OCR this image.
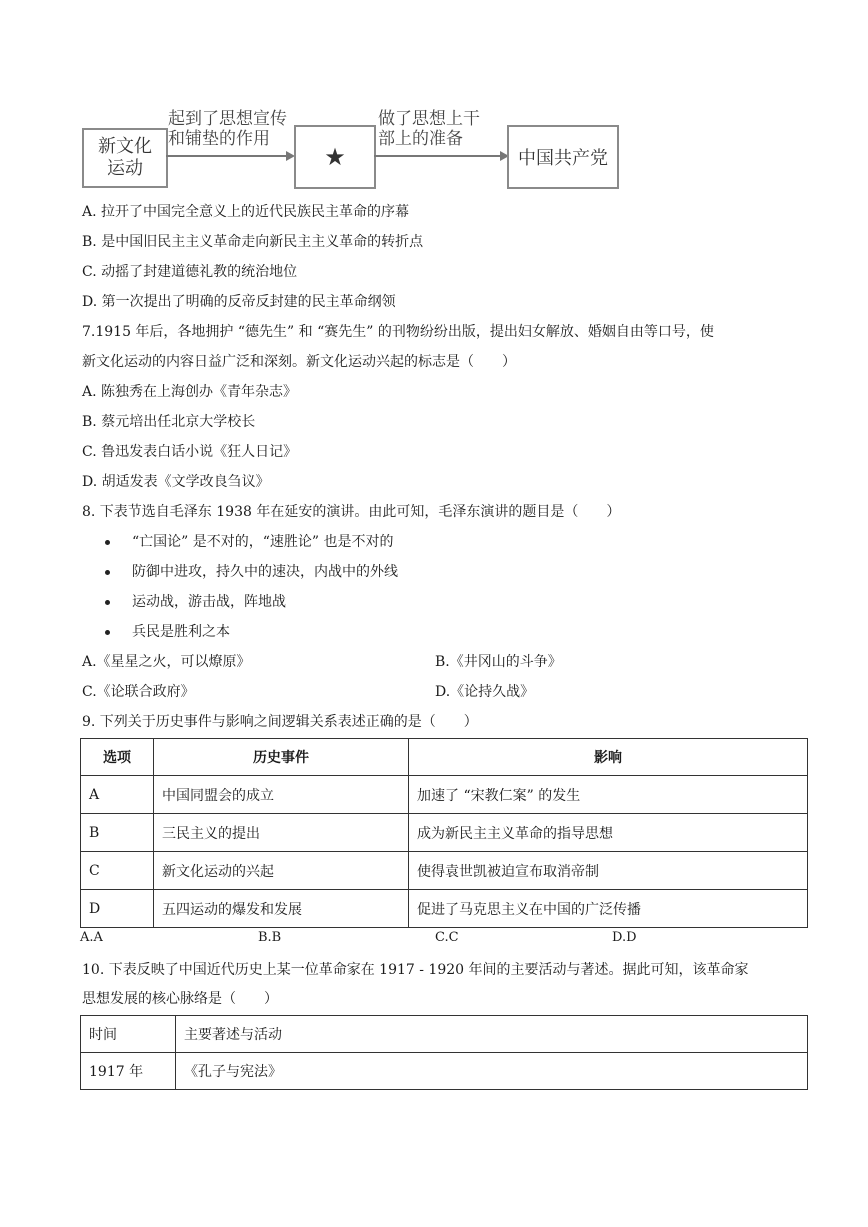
新文化
运动
起到了思想宣传
和铺垫的作用
★
做了思想上干
部上的准备
中国共产党
A. 拉开了中国完全意义上的近代民族民主革命的序幕
B. 是中国旧民主主义革命走向新民主主义革命的转折点
C. 动摇了封建道德礼教的统治地位
D. 第一次提出了明确的反帝反封建的民主革命纲领
7.1915 年后，各地拥护 “德先生” 和 “赛先生” 的刊物纷纷出版，提出妇女解放、婚姻自由等口号，使
新文化运动的内容日益广泛和深刻。新文化运动兴起的标志是（　　）
A. 陈独秀在上海创办《青年杂志》
B. 蔡元培出任北京大学校长
C. 鲁迅发表白话小说《狂人日记》
D. 胡适发表《文学改良刍议》
8. 下表节选自毛泽东 1938 年在延安的演讲。由此可知，毛泽东演讲的题目是（　　）
“亡国论” 是不对的，“速胜论” 也是不对的
防御中进攻，持久中的速决，内战中的外线
运动战，游击战，阵地战
兵民是胜利之本
A.《星星之火，可以燎原》	B.《井冈山的斗争》
C.《论联合政府》	D.《论持久战》
9. 下列关于历史事件与影响之间逻辑关系表述正确的是（　　）
选项	历史事件	影响
A	中国同盟会的成立	加速了 “宋教仁案” 的发生
B	三民主义的提出	成为新民主主义革命的指导思想
C	新文化运动的兴起	使得袁世凯被迫宣布取消帝制
D	五四运动的爆发和发展	促进了马克思主义在中国的广泛传播
A.A	B.B	C.C	D.D
10. 下表反映了中国近代历史上某一位革命家在 1917 - 1920 年间的主要活动与著述。据此可知，该革命家
思想发展的核心脉络是（　　）
时间	主要著述与活动
1917 年	《孔子与宪法》
